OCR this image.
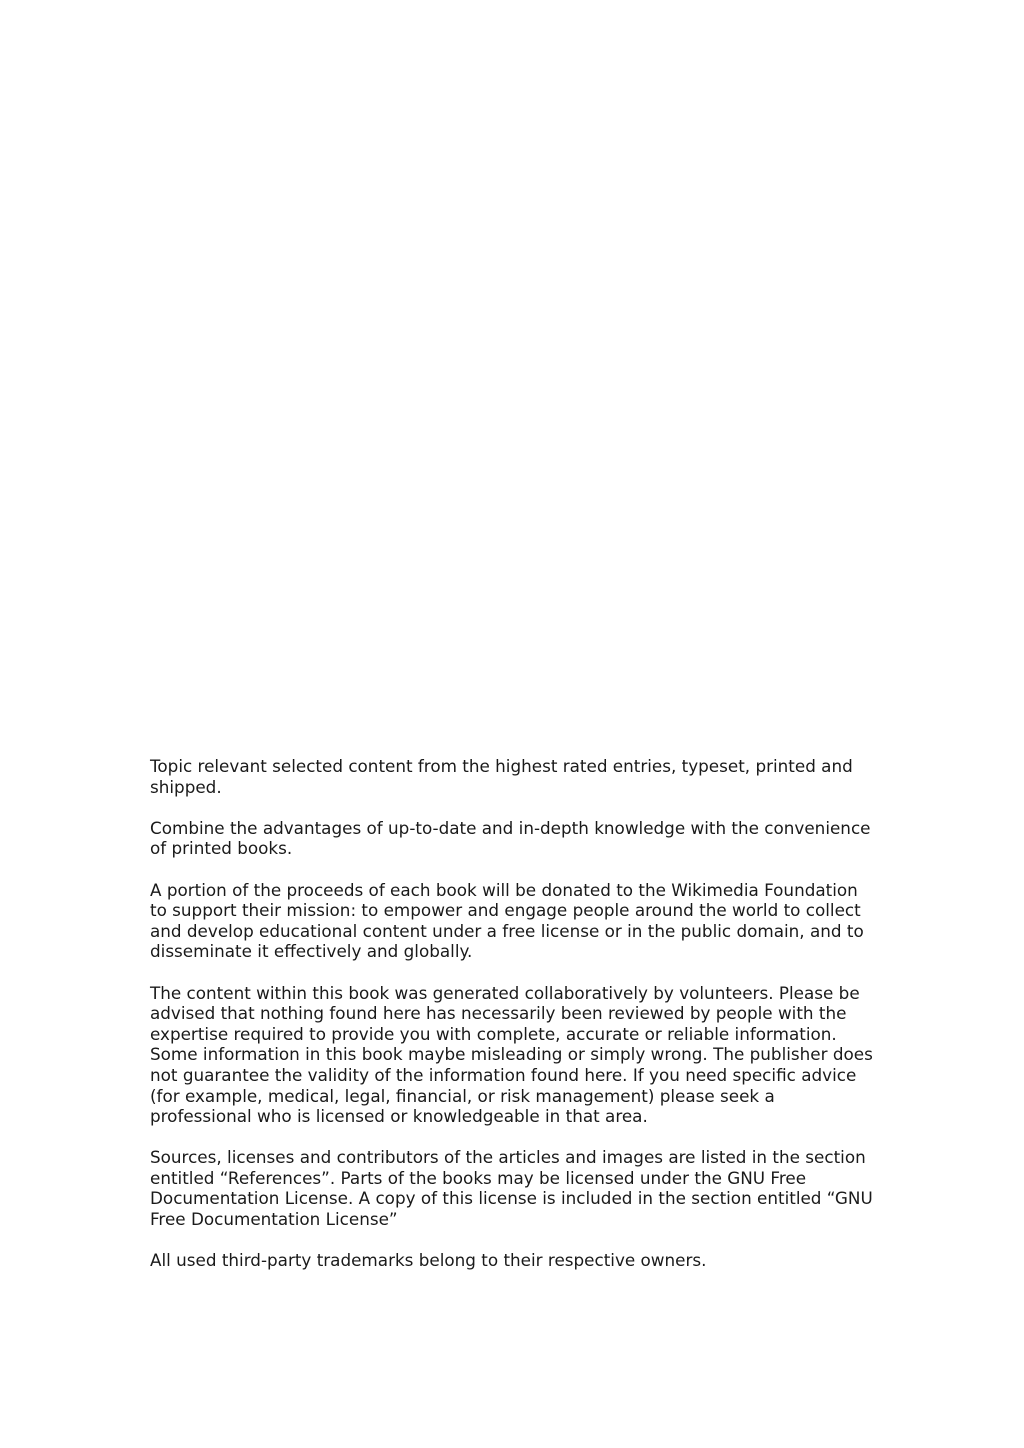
Topic relevant selected content from the highest rated entries, typeset, printed and shipped.

Combine the advantages of up-to-date and in-depth knowledge with the convenience of printed books.

A portion of the proceeds of each book will be donated to the Wikimedia Foundation to support their mission: to empower and engage people around the world to collect and develop educational content under a free license or in the public domain, and to disseminate it effectively and globally.

The content within this book was generated collaboratively by volunteers. Please be advised that nothing found here has necessarily been reviewed by people with the expertise required to provide you with complete, accurate or reliable information. Some information in this book maybe misleading or simply wrong. The publisher does not guarantee the validity of the information found here. If you need specific advice (for example, medical, legal, financial, or risk management) please seek a professional who is licensed or knowledgeable in that area.

Sources, licenses and contributors of the articles and images are listed in the section entitled “References”. Parts of the books may be licensed under the GNU Free Documentation License. A copy of this license is included in the section entitled “GNU Free Documentation License”

All used third-party trademarks belong to their respective owners.
